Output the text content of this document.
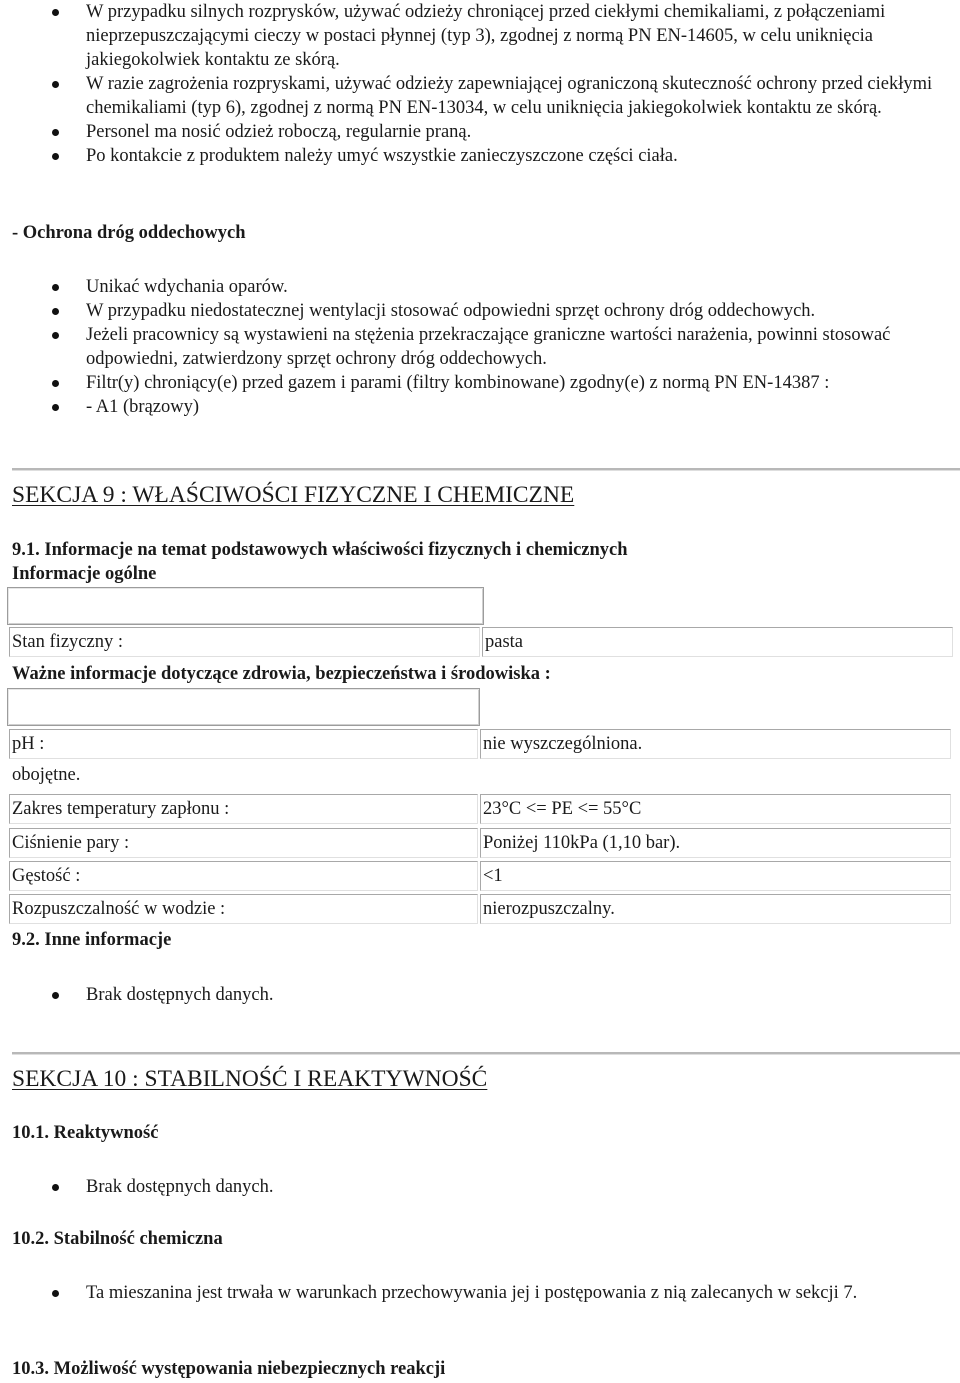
W przypadku silnych rozprysków, używać odzieży chroniącej przed ciekłymi chemikaliami, z połączeniami nieprzepuszczającymi cieczy w postaci płynnej (typ 3), zgodnej z normą PN EN-14605, w celu uniknięcia jakiegokolwiek kontaktu ze skórą.
W razie zagrożenia rozpryskami, używać odzieży zapewniającej ograniczoną skuteczność ochrony przed ciekłymi chemikaliami (typ 6), zgodnej z normą PN EN-13034, w celu uniknięcia jakiegokolwiek kontaktu ze skórą.
Personel ma nosić odzież roboczą, regularnie praną.
Po kontakcie z produktem należy umyć wszystkie zanieczyszczone części ciała.
- Ochrona dróg oddechowych
Unikać wdychania oparów.
W przypadku niedostatecznej wentylacji stosować odpowiedni sprzęt ochrony dróg oddechowych.
Jeżeli pracownicy są wystawieni na stężenia przekraczające graniczne wartości narażenia, powinni stosować odpowiedni, zatwierdzony sprzęt ochrony dróg oddechowych.
Filtr(y) chroniący(e) przed gazem i parami (filtry kombinowane) zgodny(e) z normą PN EN-14387 :
- A1 (brązowy)
SEKCJA 9 : WŁAŚCIWOŚCI FIZYCZNE I CHEMICZNE
9.1. Informacje na temat podstawowych właściwości fizycznych i chemicznych
Informacje ogólne
Stan fizyczny :	pasta
Ważne informacje dotyczące zdrowia, bezpieczeństwa i środowiska :
pH :	nie wyszczególniona.
obojętne.
Zakres temperatury zapłonu :	23°C <= PE <= 55°C
Ciśnienie pary :	Poniżej 110kPa (1,10 bar).
Gęstość :	<1
Rozpuszczalność w wodzie :	nierozpuszczalny.
9.2. Inne informacje
Brak dostępnych danych.
SEKCJA 10 : STABILNOŚĆ I REAKTYWNOŚĆ
10.1. Reaktywność
Brak dostępnych danych.
10.2. Stabilność chemiczna
Ta mieszanina jest trwała w warunkach przechowywania jej i postępowania z nią zalecanych w sekcji 7.
10.3. Możliwość występowania niebezpiecznych reakcji
